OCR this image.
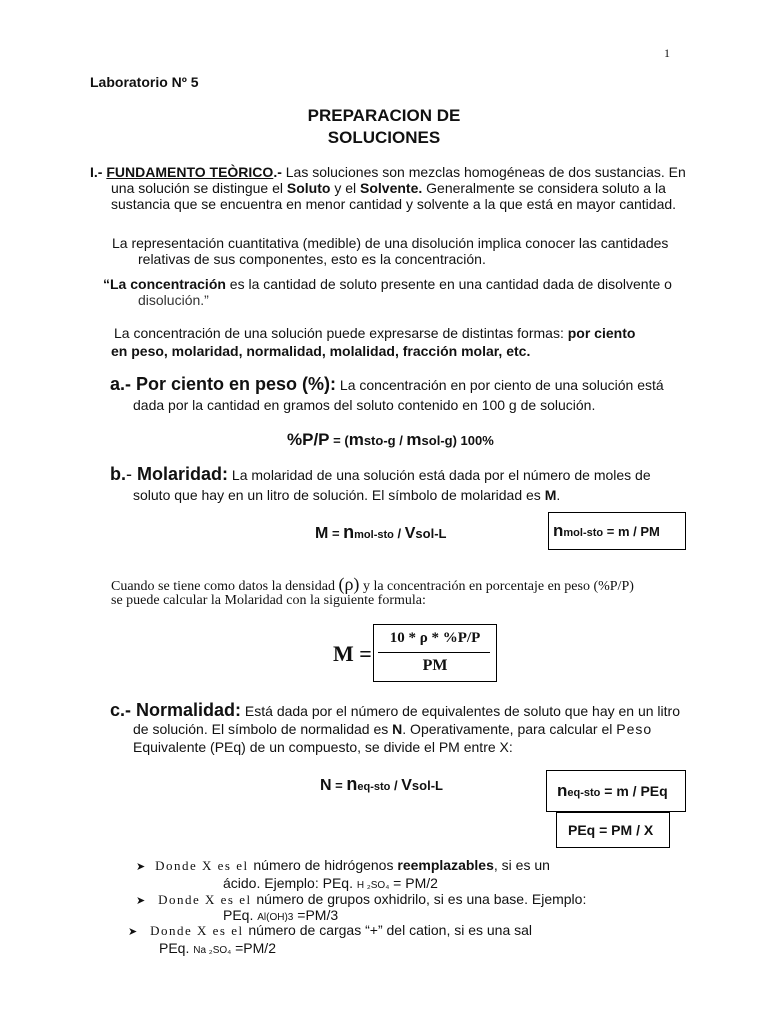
1
Laboratorio Nº 5
PREPARACION DE
SOLUCIONES
I.- FUNDAMENTO TEÒRICO.- Las soluciones son mezclas homogéneas de dos sustancias. En
una solución se distingue el Soluto y el Solvente. Generalmente se considera soluto a la
sustancia que se encuentra en menor cantidad y solvente a la que está en mayor cantidad.
La representación cuantitativa (medible) de una disolución implica conocer las cantidades
relativas de sus componentes, esto es la concentración.
“La concentración es la cantidad de soluto presente en una cantidad dada de disolvente o
disolución.”
La concentración de una solución puede expresarse de distintas formas: por ciento
en peso, molaridad, normalidad, molalidad, fracción molar, etc.
a.- Por ciento en peso (%): La concentración en por ciento de una solución está
dada por la cantidad en gramos del soluto contenido en 100 g de solución.
%P/P = (msto-g / msol-g) 100%
b.- Molaridad: La molaridad de una solución está dada por el número de moles de
soluto que hay en un litro de solución. El símbolo de molaridad es M.
M = nmol-sto / Vsol-L	nmol-sto = m / PM
Cuando se tiene como datos la densidad (ρ) y la concentración en porcentaje en peso (%P/P)
se puede calcular la Molaridad con la siguiente formula:
M =
10 * ρ * %P/P
PM
c.- Normalidad: Está dada por el número de equivalentes de soluto que hay en un litro
de solución. El símbolo de normalidad es N. Operativamente, para calcular el Peso
Equivalente (PEq) de un compuesto, se divide el PM entre X:
N = neq-sto / Vsol-L	neq-sto = m / PEq
PEq = PM / X
➤ Donde X es el número de hidrógenos reemplazables, si es un
ácido. Ejemplo: PEq. H ₂SO₄ = PM/2
➤ Donde X es el número de grupos oxhidrilo, si es una base. Ejemplo:
PEq. Al(OH)3 =PM/3
➤ Donde X es el número de cargas “+” del cation, si es una sal
PEq. Na ₂SO₄ =PM/2
